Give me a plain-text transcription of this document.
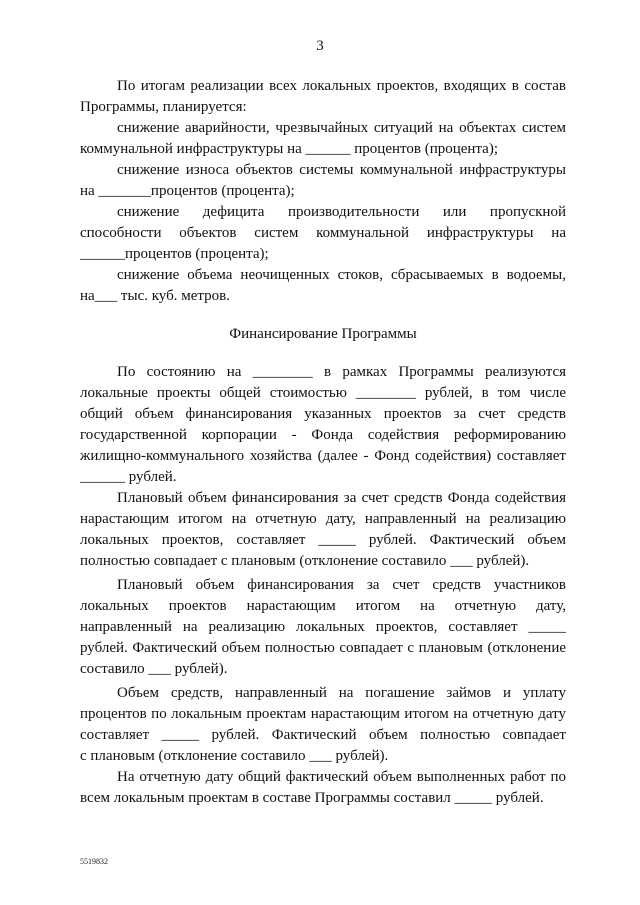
3
По итогам реализации всех локальных проектов, входящих в состав
Программы, планируется:
снижение аварийности, чрезвычайных ситуаций на объектах систем
коммунальной инфраструктуры на ______ процентов (процента);
снижение износа объектов системы коммунальной инфраструктуры
на _______процентов (процента);
снижение дефицита производительности или пропускной
способности объектов систем коммунальной инфраструктуры на
______процентов (процента);
снижение объема неочищенных стоков, сбрасываемых в водоемы,
на___ тыс. куб. метров.
Финансирование Программы
По состоянию на ________ в рамках Программы реализуются
локальные проекты общей стоимостью ________ рублей, в том числе
общий объем финансирования указанных проектов за счет средств
государственной корпорации - Фонда содействия реформированию
жилищно-коммунального хозяйства (далее - Фонд содействия) составляет
______ рублей.
Плановый объем финансирования за счет средств Фонда содействия
нарастающим итогом на отчетную дату, направленный на реализацию
локальных проектов, составляет _____ рублей. Фактический объем
полностью совпадает с плановым (отклонение составило ___ рублей).
Плановый объем финансирования за счет средств участников
локальных проектов нарастающим итогом на отчетную дату,
направленный на реализацию локальных проектов, составляет _____
рублей. Фактический объем полностью совпадает с плановым (отклонение
составило ___ рублей).
Объем средств, направленный на погашение займов и уплату
процентов по локальным проектам нарастающим итогом на отчетную дату
составляет _____ рублей. Фактический объем полностью совпадает
с плановым (отклонение составило ___ рублей).
На отчетную дату общий фактический объем выполненных работ по
всем локальным проектам в составе Программы составил _____ рублей.
5519832
